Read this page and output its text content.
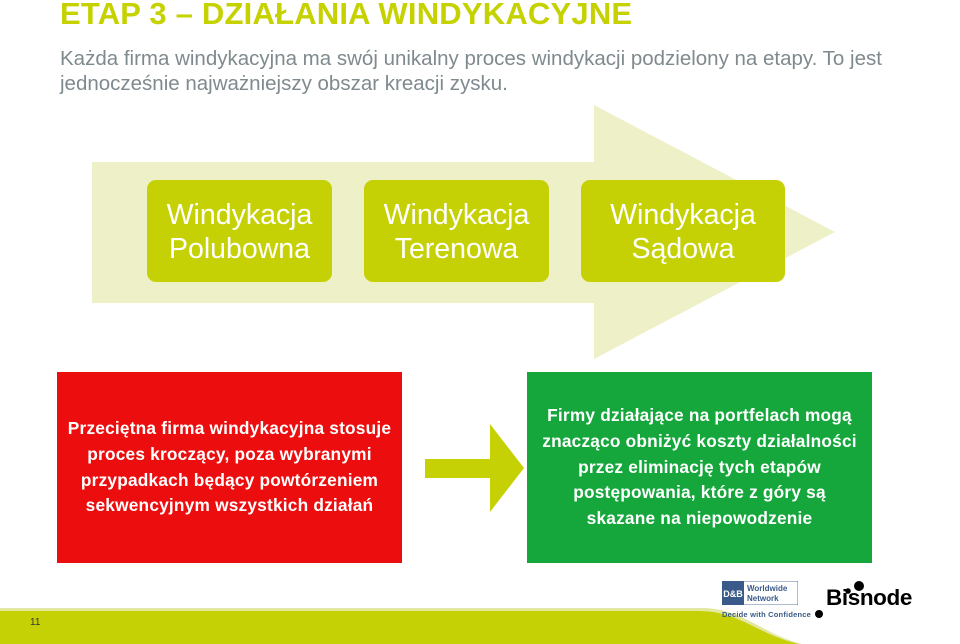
ETAP 3 – DZIAŁANIA WINDYKACYJNE
Każda firma windykacyjna ma swój unikalny proces windykacji podzielony na etapy. To jest jednocześnie najważniejszy obszar kreacji zysku.
Windykacja
Polubowna
Windykacja
Terenowa
Windykacja
Sądowa
Przeciętna firma windykacyjna stosuje proces kroczący, poza wybranymi przypadkach będący powtórzeniem sekwencyjnym wszystkich działań
Firmy działające na portfelach mogą znacząco obniżyć koszty działalności przez eliminację tych etapów postępowania, które z góry są skazane na niepowodzenie
11
D&B
Worldwide
Network
Decide with Confidence
Bisnode
